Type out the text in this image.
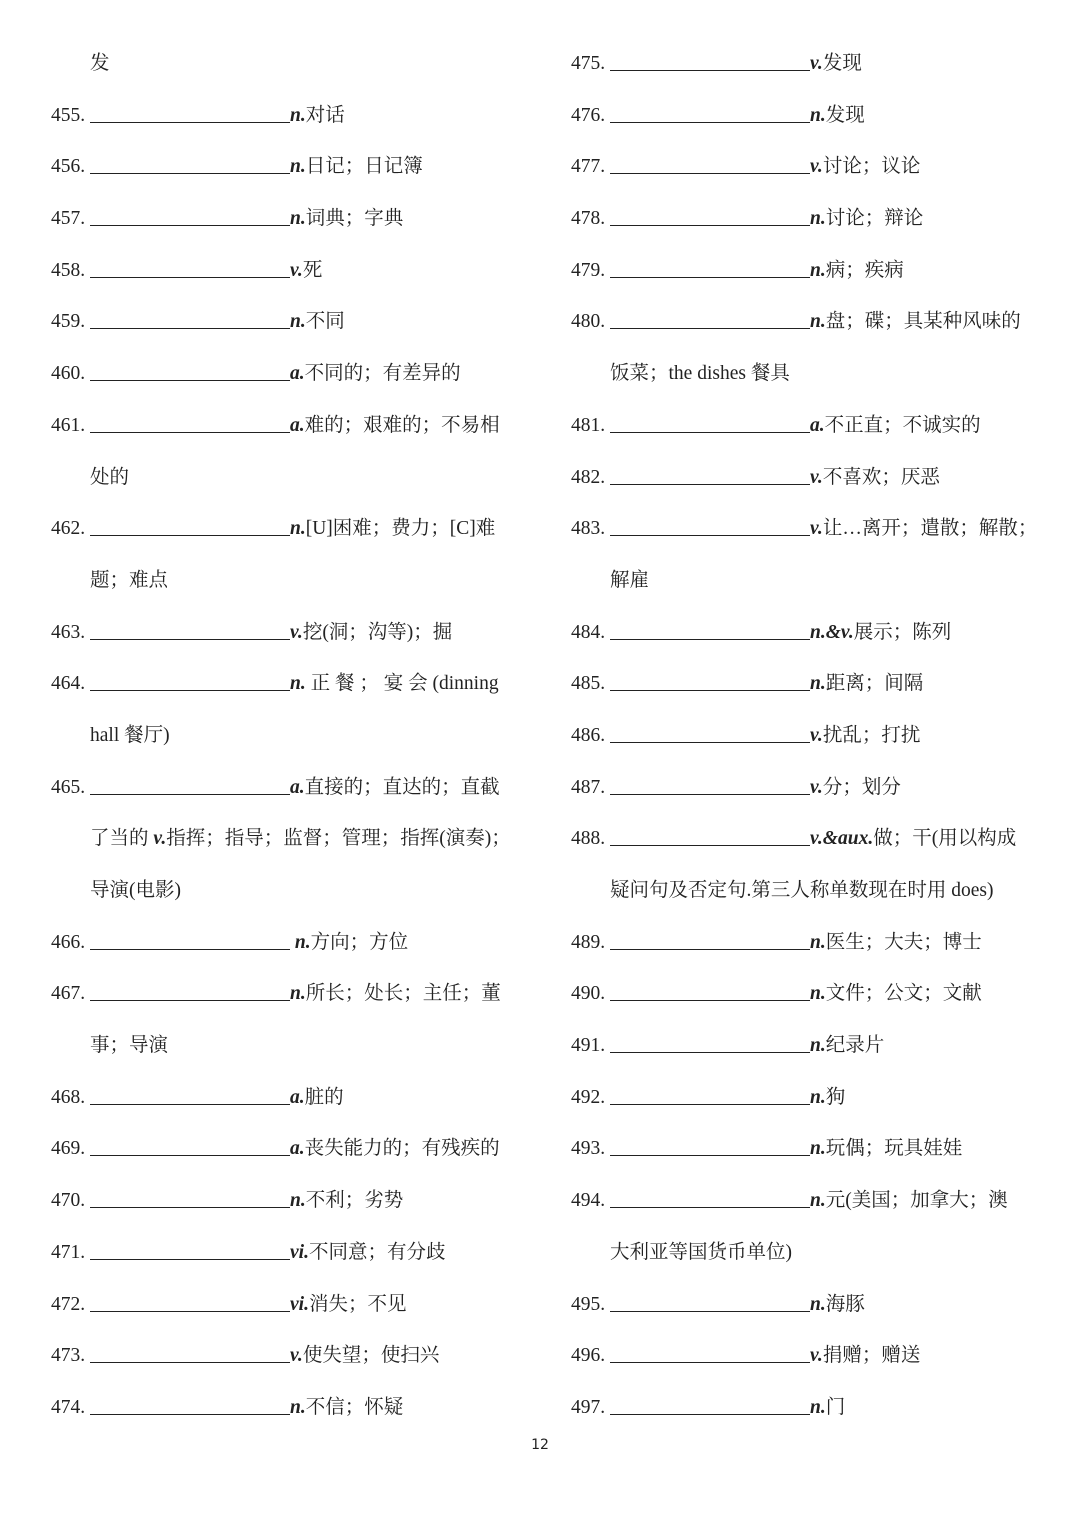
发
455.	n.对话
456.	n.日记；日记簿
457.	n.词典；字典
458.	v.死
459.	n.不同
460.	a.不同的；有差异的
461.	a.难的；艰难的；不易相
处的
462.	n.[U]困难；费力；[C]难
题；难点
463.	v.挖(洞；沟等)；掘
464.	n. 正 餐 ； 宴 会 (dinning
hall 餐厅)
465.	a.直接的；直达的；直截
了当的 v.指挥；指导；监督；管理；指挥(演奏)；
导演(电影)
466.	n.方向；方位
467.	n.所长；处长；主任；董
事；导演
468.	a.脏的
469.	a.丧失能力的；有残疾的
470.	n.不利；劣势
471.	vi.不同意；有分歧
472.	vi.消失；不见
473.	v.使失望；使扫兴
474.	n.不信；怀疑
475.	v.发现
476.	n.发现
477.	v.讨论；议论
478.	n.讨论；辩论
479.	n.病；疾病
480.	n.盘；碟；具某种风味的
饭菜；the dishes 餐具
481.	a.不正直；不诚实的
482.	v.不喜欢；厌恶
483.	v.让…离开；遣散；解散；
解雇
484.	n.&v.展示；陈列
485.	n.距离；间隔
486.	v.扰乱；打扰
487.	v.分；划分
488.	v.&aux.做；干(用以构成
疑问句及否定句.第三人称单数现在时用 does)
489.	n.医生；大夫；博士
490.	n.文件；公文；文献
491.	n.纪录片
492.	n.狗
493.	n.玩偶；玩具娃娃
494.	n.元(美国；加拿大；澳
大利亚等国货币单位)
495.	n.海豚
496.	v.捐赠；赠送
497.	n.门
12
